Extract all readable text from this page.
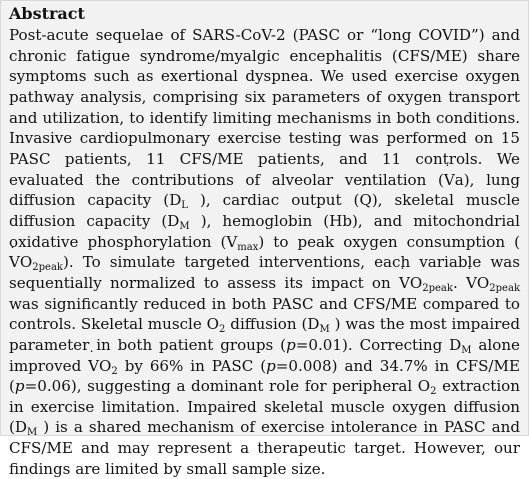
Abstract

Post-acute sequelae of SARS-CoV-2 (PASC or “long COVID”) and chronic fatigue syndrome/myalgic encephalitis (CFS/ME) share symptoms such as exertional dyspnea. We used exercise oxygen pathway analysis, comprising six parameters of oxygen transport and utilization, to identify limiting mechanisms in both conditions. Invasive cardiopulmonary exercise testing was performed on 15 PASC patients, 11 CFS/ME patients, and 11 controls. We evaluated the contributions of alveolar ventilation (˙ Va), lung diffusion capacity ($D_L$ ), cardiac output (˙ Q), skeletal muscle diffusion capacity ($D_M$ ), hemoglobin (Hb), and mitochondrial oxidative phosphorylation $(V_{max})$ to peak oxygen consumption (˙ $VO_{2peak}$). To simulate targeted interventions, each variable was sequentially normalized to assess its impact on ˙ $VO_{2peak}$. ˙ $VO_{2peak}$ was significantly reduced in both PASC and CFS/ME compared to controls. Skeletal muscle $O_2$ diffusion ($D_M$ ) was the most impaired parameter in both patient groups (p=0.01). Correcting $D_M$ alone improved ˙ $VO_2$ by 66% in PASC (p=0.008) and 34.7% in CFS/ME (p=0.06), suggesting a dominant role for peripheral $O_2$ extraction in exercise limitation. Impaired skeletal muscle oxygen diffusion ($D_M$ ) is a shared mechanism of exercise intolerance in PASC and CFS/ME and may represent a therapeutic target. However, our findings are limited by small sample size.
